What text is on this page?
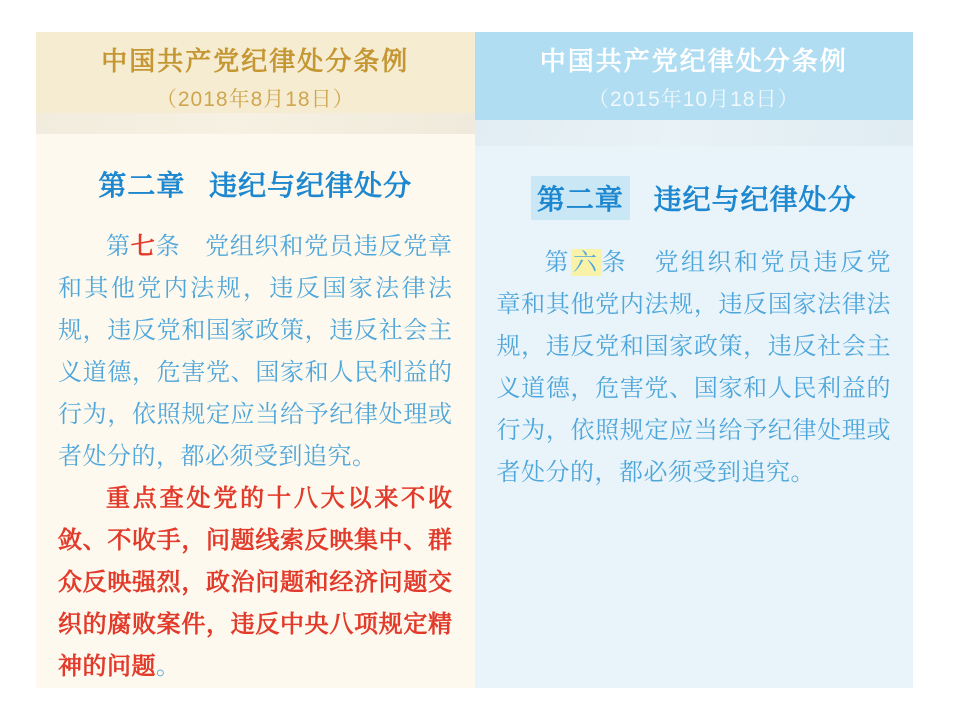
中国共产党纪律处分条例
（2018年8月18日）
第二章 违纪与纪律处分

第七条　党组织和党员违反党章和其他党内法规，违反国家法律法规，违反党和国家政策，违反社会主义道德，危害党、国家和人民利益的行为，依照规定应当给予纪律处理或者处分的，都必须受到追究。

重点查处党的十八大以来不收敛、不收手，问题线索反映集中、群众反映强烈，政治问题和经济问题交织的腐败案件，违反中央八项规定精神的问题。

中国共产党纪律处分条例
（2015年10月18日）
第二章 违纪与纪律处分

第六条　党组织和党员违反党章和其他党内法规，违反国家法律法规，违反党和国家政策，违反社会主义道德，危害党、国家和人民利益的行为，依照规定应当给予纪律处理或者处分的，都必须受到追究。
